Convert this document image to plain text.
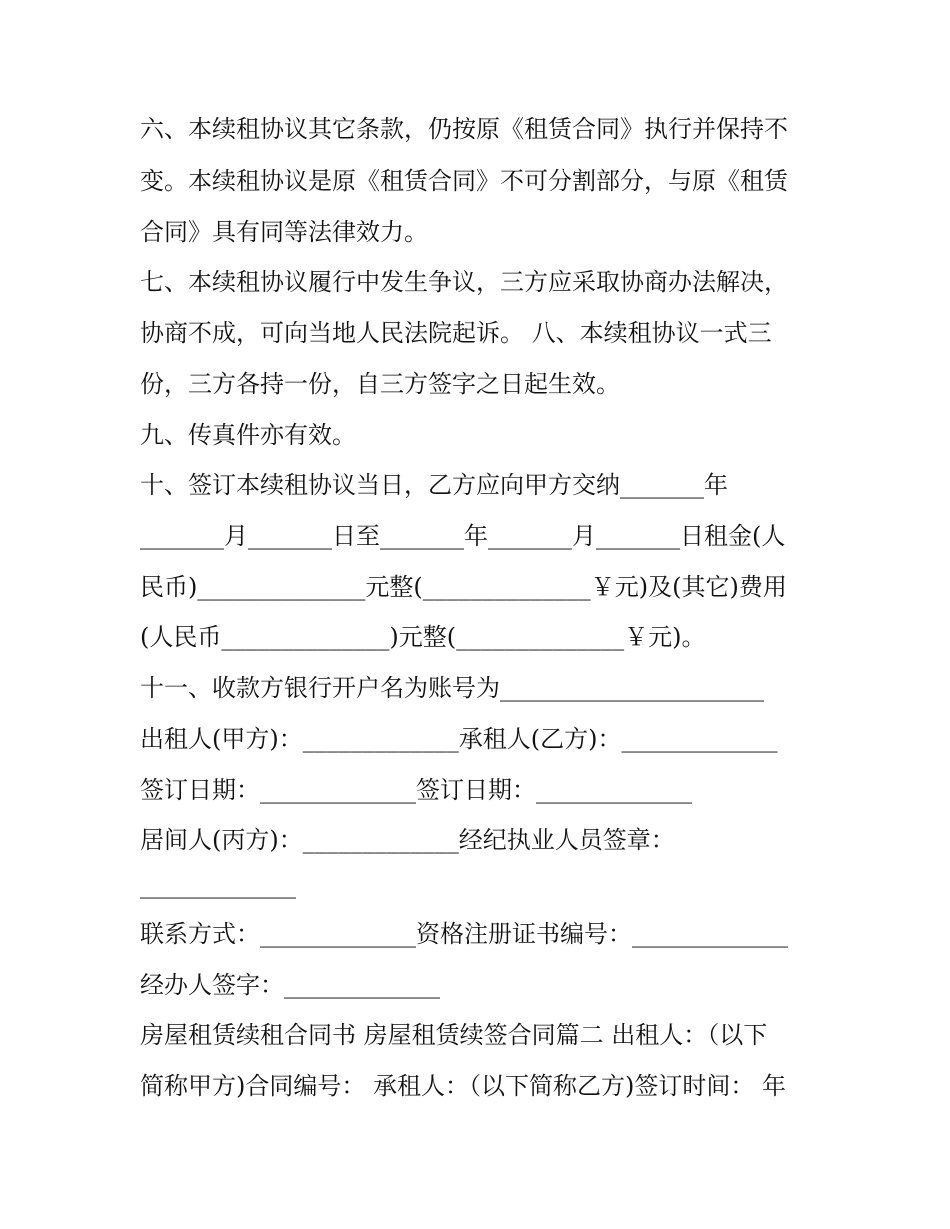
六、本续租协议其它条款，仍按原《租赁合同》执行并保持不
变。本续租协议是原《租赁合同》不可分割部分，与原《租赁
合同》具有同等法律效力。
七、本续租协议履行中发生争议，三方应采取协商办法解决，
协商不成，可向当地人民法院起诉。 八、本续租协议一式三
份，三方各持一份，自三方签字之日起生效。
九、传真件亦有效。
十、签订本续租协议当日，乙方应向甲方交纳_______年
_______月_______日至_______年_______月_______日租金(人
民币)______________元整(______________￥元)及(其它)费用
(人民币______________)元整(______________￥元)。
十一、收款方银行开户名为账号为______________________
出租人(甲方)：_____________承租人(乙方)：_____________
签订日期：_____________签订日期：_____________
居间人(丙方)：_____________经纪执业人员签章：
_____________
联系方式：_____________资格注册证书编号：_____________
经办人签字：_____________
房屋租赁续租合同书 房屋租赁续签合同篇二 出租人：（以下
简称甲方)合同编号： 承租人：（以下简称乙方)签订时间： 年
